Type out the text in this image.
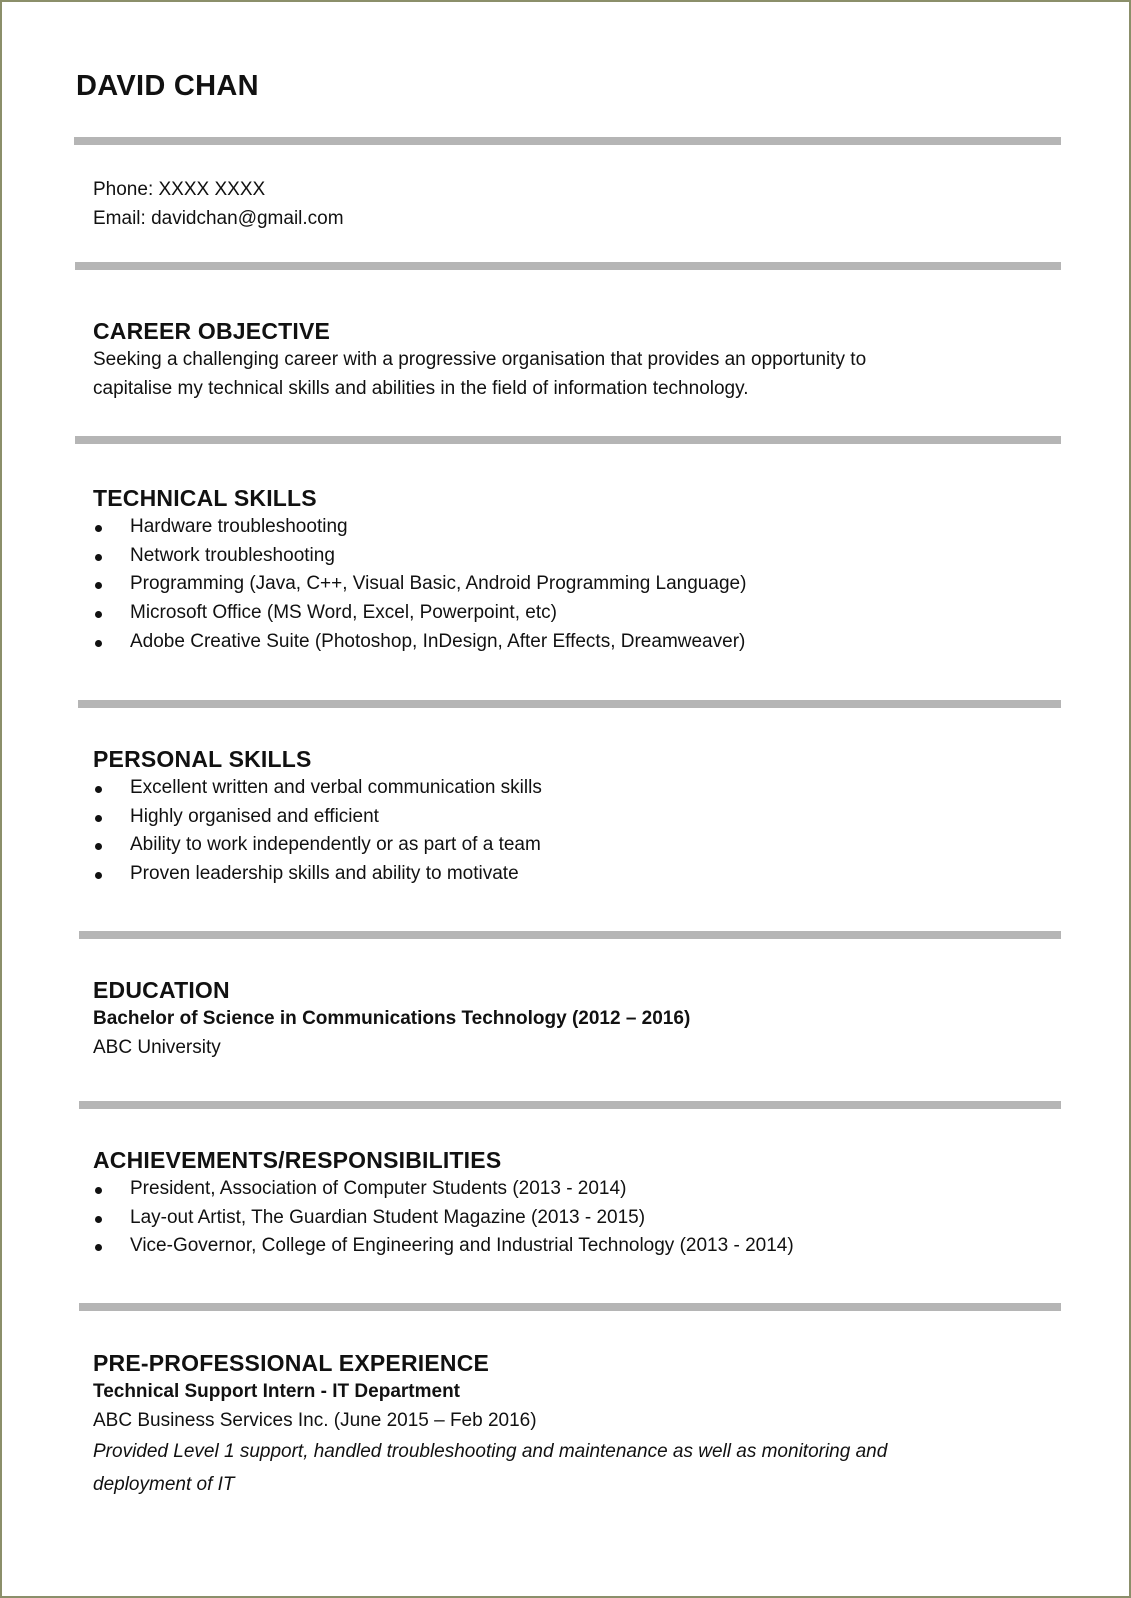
DAVID CHAN
Phone: XXXX XXXX
Email: davidchan@gmail.com
CAREER OBJECTIVE
Seeking a challenging career with a progressive organisation that provides an opportunity to
capitalise my technical skills and abilities in the field of information technology.
TECHNICAL SKILLS
Hardware troubleshooting
Network troubleshooting
Programming (Java, C++, Visual Basic, Android Programming Language)
Microsoft Office (MS Word, Excel, Powerpoint, etc)
Adobe Creative Suite (Photoshop, InDesign, After Effects, Dreamweaver)
PERSONAL SKILLS
Excellent written and verbal communication skills
Highly organised and efficient
Ability to work independently or as part of a team
Proven leadership skills and ability to motivate
EDUCATION
Bachelor of Science in Communications Technology (2012 – 2016)
ABC University
ACHIEVEMENTS/RESPONSIBILITIES
President, Association of Computer Students (2013 - 2014)
Lay-out Artist, The Guardian Student Magazine (2013 - 2015)
Vice-Governor, College of Engineering and Industrial Technology (2013 - 2014)
PRE-PROFESSIONAL EXPERIENCE
Technical Support Intern - IT Department
ABC Business Services Inc. (June 2015 – Feb 2016)
Provided Level 1 support, handled troubleshooting and maintenance as well as monitoring and
deployment of IT
